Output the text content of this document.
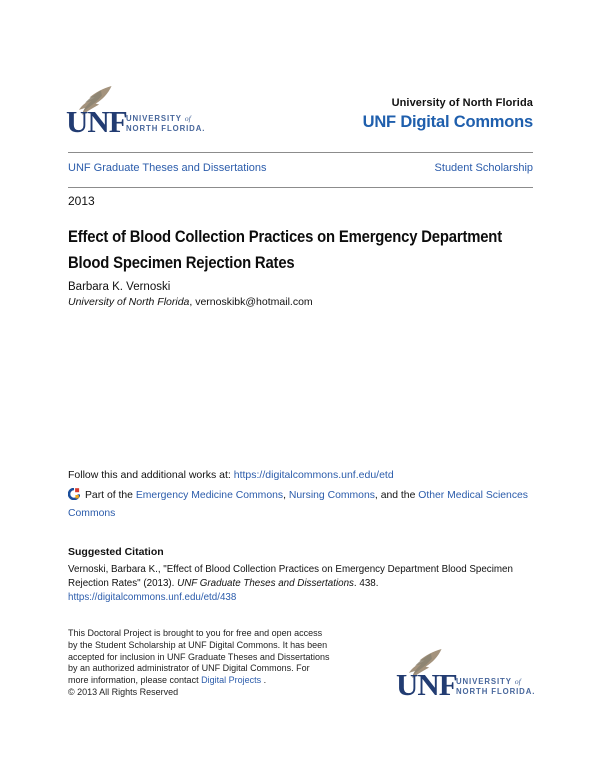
UNF UNIVERSITY of
NORTH FLORIDA.
University of North Florida
UNF Digital Commons
UNF Graduate Theses and Dissertations	Student Scholarship
2013
Effect of Blood Collection Practices on Emergency Department
Blood Specimen Rejection Rates
Barbara K. Vernoski
University of North Florida, vernoskibk@hotmail.com
Follow this and additional works at: https://digitalcommons.unf.edu/etd
Part of the Emergency Medicine Commons, Nursing Commons, and the Other Medical Sciences Commons
Suggested Citation
Vernoski, Barbara K., "Effect of Blood Collection Practices on Emergency Department Blood Specimen
Rejection Rates" (2013). UNF Graduate Theses and Dissertations. 438.
https://digitalcommons.unf.edu/etd/438
This Doctoral Project is brought to you for free and open access by the Student Scholarship at UNF Digital Commons. It has been accepted for inclusion in UNF Graduate Theses and Dissertations by an authorized administrator of UNF Digital Commons. For more information, please contact Digital Projects .
© 2013 All Rights Reserved	UNF UNIVERSITY of
NORTH FLORIDA.
